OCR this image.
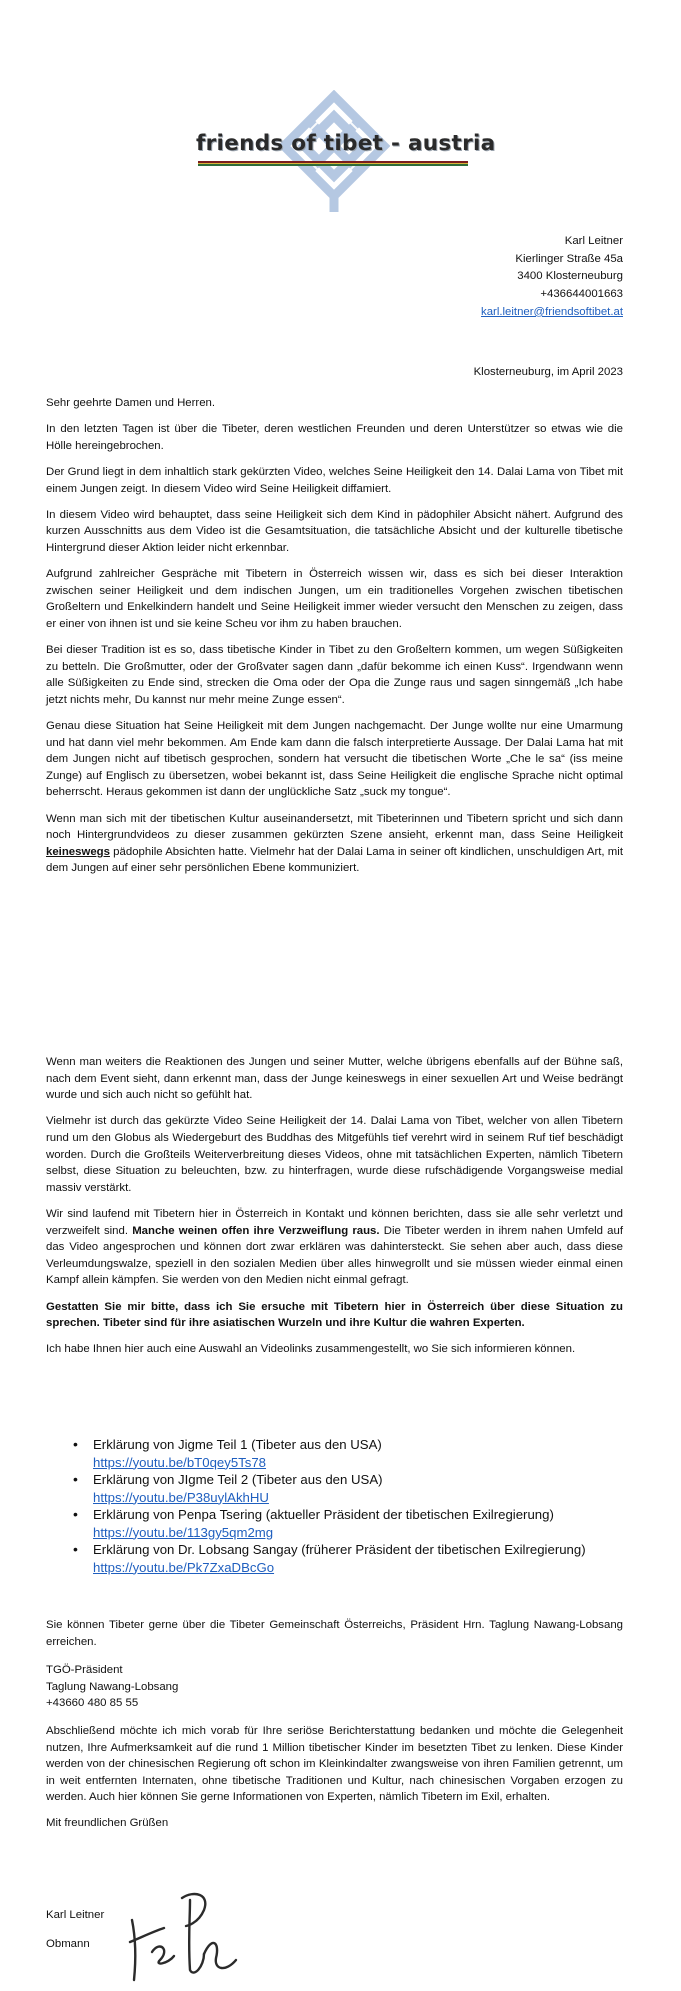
friends of tibet - austria
Karl Leitner
Kierlinger Straße 45a
3400 Klosterneuburg
+436644001663
karl.leitner@friendsoftibet.at
Klosterneuburg, im April 2023

Sehr geehrte Damen und Herren.

In den letzten Tagen ist über die Tibeter, deren westlichen Freunden und deren Unterstützer so etwas wie die Hölle hereingebrochen.

Der Grund liegt in dem inhaltlich stark gekürzten Video, welches Seine Heiligkeit den 14. Dalai Lama von Tibet mit einem Jungen zeigt. In diesem Video wird Seine Heiligkeit diffamiert.

In diesem Video wird behauptet, dass seine Heiligkeit sich dem Kind in pädophiler Absicht nähert. Aufgrund des kurzen Ausschnitts aus dem Video ist die Gesamtsituation, die tatsächliche Absicht und der kulturelle tibetische Hintergrund dieser Aktion leider nicht erkennbar.

Aufgrund zahlreicher Gespräche mit Tibetern in Österreich wissen wir, dass es sich bei dieser Interaktion zwischen seiner Heiligkeit und dem indischen Jungen, um ein traditionelles Vorgehen zwischen tibetischen Großeltern und Enkelkindern handelt und Seine Heiligkeit immer wieder versucht den Menschen zu zeigen, dass er einer von ihnen ist und sie keine Scheu vor ihm zu haben brauchen.

Bei dieser Tradition ist es so, dass tibetische Kinder in Tibet zu den Großeltern kommen, um wegen Süßigkeiten zu betteln. Die Großmutter, oder der Großvater sagen dann „dafür bekomme ich einen Kuss“. Irgendwann wenn alle Süßigkeiten zu Ende sind, strecken die Oma oder der Opa die Zunge raus und sagen sinngemäß „Ich habe jetzt nichts mehr, Du kannst nur mehr meine Zunge essen“.

Genau diese Situation hat Seine Heiligkeit mit dem Jungen nachgemacht. Der Junge wollte nur eine Umarmung und hat dann viel mehr bekommen. Am Ende kam dann die falsch interpretierte Aussage. Der Dalai Lama hat mit dem Jungen nicht auf tibetisch gesprochen, sondern hat versucht die tibetischen Worte „Che le sa“ (iss meine Zunge) auf Englisch zu übersetzen, wobei bekannt ist, dass Seine Heiligkeit die englische Sprache nicht optimal beherrscht. Heraus gekommen ist dann der unglückliche Satz „suck my tongue“.

Wenn man sich mit der tibetischen Kultur auseinandersetzt, mit Tibeterinnen und Tibetern spricht und sich dann noch Hintergrundvideos zu dieser zusammen gekürzten Szene ansieht, erkennt man, dass Seine Heiligkeit keineswegs pädophile Absichten hatte. Vielmehr hat der Dalai Lama in seiner oft kindlichen, unschuldigen Art, mit dem Jungen auf einer sehr persönlichen Ebene kommuniziert.

Wenn man weiters die Reaktionen des Jungen und seiner Mutter, welche übrigens ebenfalls auf der Bühne saß, nach dem Event sieht, dann erkennt man, dass der Junge keineswegs in einer sexuellen Art und Weise bedrängt wurde und sich auch nicht so gefühlt hat.

Vielmehr ist durch das gekürzte Video Seine Heiligkeit der 14. Dalai Lama von Tibet, welcher von allen Tibetern rund um den Globus als Wiedergeburt des Buddhas des Mitgefühls tief verehrt wird in seinem Ruf tief beschädigt worden. Durch die Großteils Weiterverbreitung dieses Videos, ohne mit tatsächlichen Experten, nämlich Tibetern selbst, diese Situation zu beleuchten, bzw. zu hinterfragen, wurde diese rufschädigende Vorgangsweise medial massiv verstärkt.

Wir sind laufend mit Tibetern hier in Österreich in Kontakt und können berichten, dass sie alle sehr verletzt und verzweifelt sind. Manche weinen offen ihre Verzweiflung raus. Die Tibeter werden in ihrem nahen Umfeld auf das Video angesprochen und können dort zwar erklären was dahintersteckt. Sie sehen aber auch, dass diese Verleumdungswalze, speziell in den sozialen Medien über alles hinwegrollt und sie müssen wieder einmal einen Kampf allein kämpfen. Sie werden von den Medien nicht einmal gefragt.

Gestatten Sie mir bitte, dass ich Sie ersuche mit Tibetern hier in Österreich über diese Situation zu sprechen. Tibeter sind für ihre asiatischen Wurzeln und ihre Kultur die wahren Experten.

Ich habe Ihnen hier auch eine Auswahl an Videolinks zusammengestellt, wo Sie sich informieren können.

• Erklärung von Jigme Teil 1 (Tibeter aus den USA)
https://youtu.be/bT0qey5Ts78
• Erklärung von JIgme Teil 2 (Tibeter aus den USA)
https://youtu.be/P38uylAkhHU
• Erklärung von Penpa Tsering (aktueller Präsident der tibetischen Exilregierung)
https://youtu.be/113gy5qm2mg
• Erklärung von Dr. Lobsang Sangay (früherer Präsident der tibetischen Exilregierung)
https://youtu.be/Pk7ZxaDBcGo

Sie können Tibeter gerne über die Tibeter Gemeinschaft Österreichs, Präsident Hrn. Taglung Nawang-Lobsang erreichen.

TGÖ-Präsident
Taglung Nawang-Lobsang
+43660 480 85 55

Abschließend möchte ich mich vorab für Ihre seriöse Berichterstattung bedanken und möchte die Gelegenheit nutzen, Ihre Aufmerksamkeit auf die rund 1 Million tibetischer Kinder im besetzten Tibet zu lenken. Diese Kinder werden von der chinesischen Regierung oft schon im Kleinkindalter zwangsweise von ihren Familien getrennt, um in weit entfernten Internaten, ohne tibetische Traditionen und Kultur, nach chinesischen Vorgaben erzogen zu werden. Auch hier können Sie gerne Informationen von Experten, nämlich Tibetern im Exil, erhalten.

Mit freundlichen Grüßen

Karl Leitner
Obmann
